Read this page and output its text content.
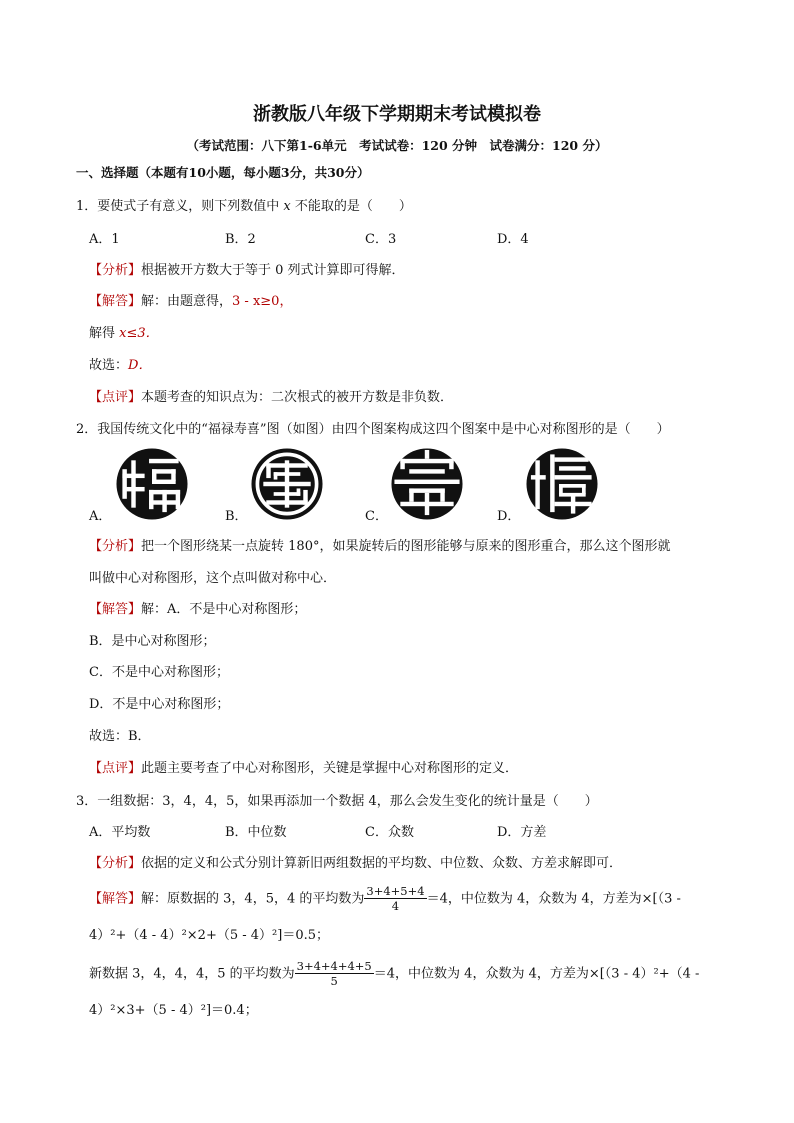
浙教版八年级下学期期末考试模拟卷
（考试范围：八下第1-6单元　考试试卷：120 分钟　试卷满分：120 分）
一、选择题（本题有10小题，每小题3分，共30分）
1．要使式子有意义，则下列数值中 x 不能取的是（　　）
A．1	B．2	C．3	D．4
【分析】根据被开方数大于等于 0 列式计算即可得解．
【解答】解：由题意得，3 - x≥0，
解得 x≤3．
故选：D．
【点评】本题考查的知识点为：二次根式的被开方数是非负数．
2．我国传统文化中的“福禄寿喜”图（如图）由四个图案构成这四个图案中是中心对称图形的是（　　）
A．	B．	C．	D．
【分析】把一个图形绕某一点旋转 180°，如果旋转后的图形能够与原来的图形重合，那么这个图形就
叫做中心对称图形，这个点叫做对称中心．
【解答】解：A．不是中心对称图形；
B．是中心对称图形；
C．不是中心对称图形；
D．不是中心对称图形；
故选：B．
【点评】此题主要考查了中心对称图形，关键是掌握中心对称图形的定义．
3．一组数据：3，4，4，5，如果再添加一个数据 4，那么会发生变化的统计量是（　　）
A．平均数	B．中位数	C．众数	D．方差
【分析】依据的定义和公式分别计算新旧两组数据的平均数、中位数、众数、方差求解即可．
【解答】解：原数据的 3，4，5，4 的平均数为 $\frac{3+4+5+4}{4} =4$，中位数为 4，众数为 4，方差为×[（3 -
4）²+（4 - 4）²×2+（5 - 4）²]＝0.5；
新数据 3，4，4，4，5 的平均数为 $\frac{3+4+4+4+5}{5} =4$，中位数为 4，众数为 4，方差为×[（3 - 4）²+（4 -
4）²×3+（5 - 4）²]＝0.4；
